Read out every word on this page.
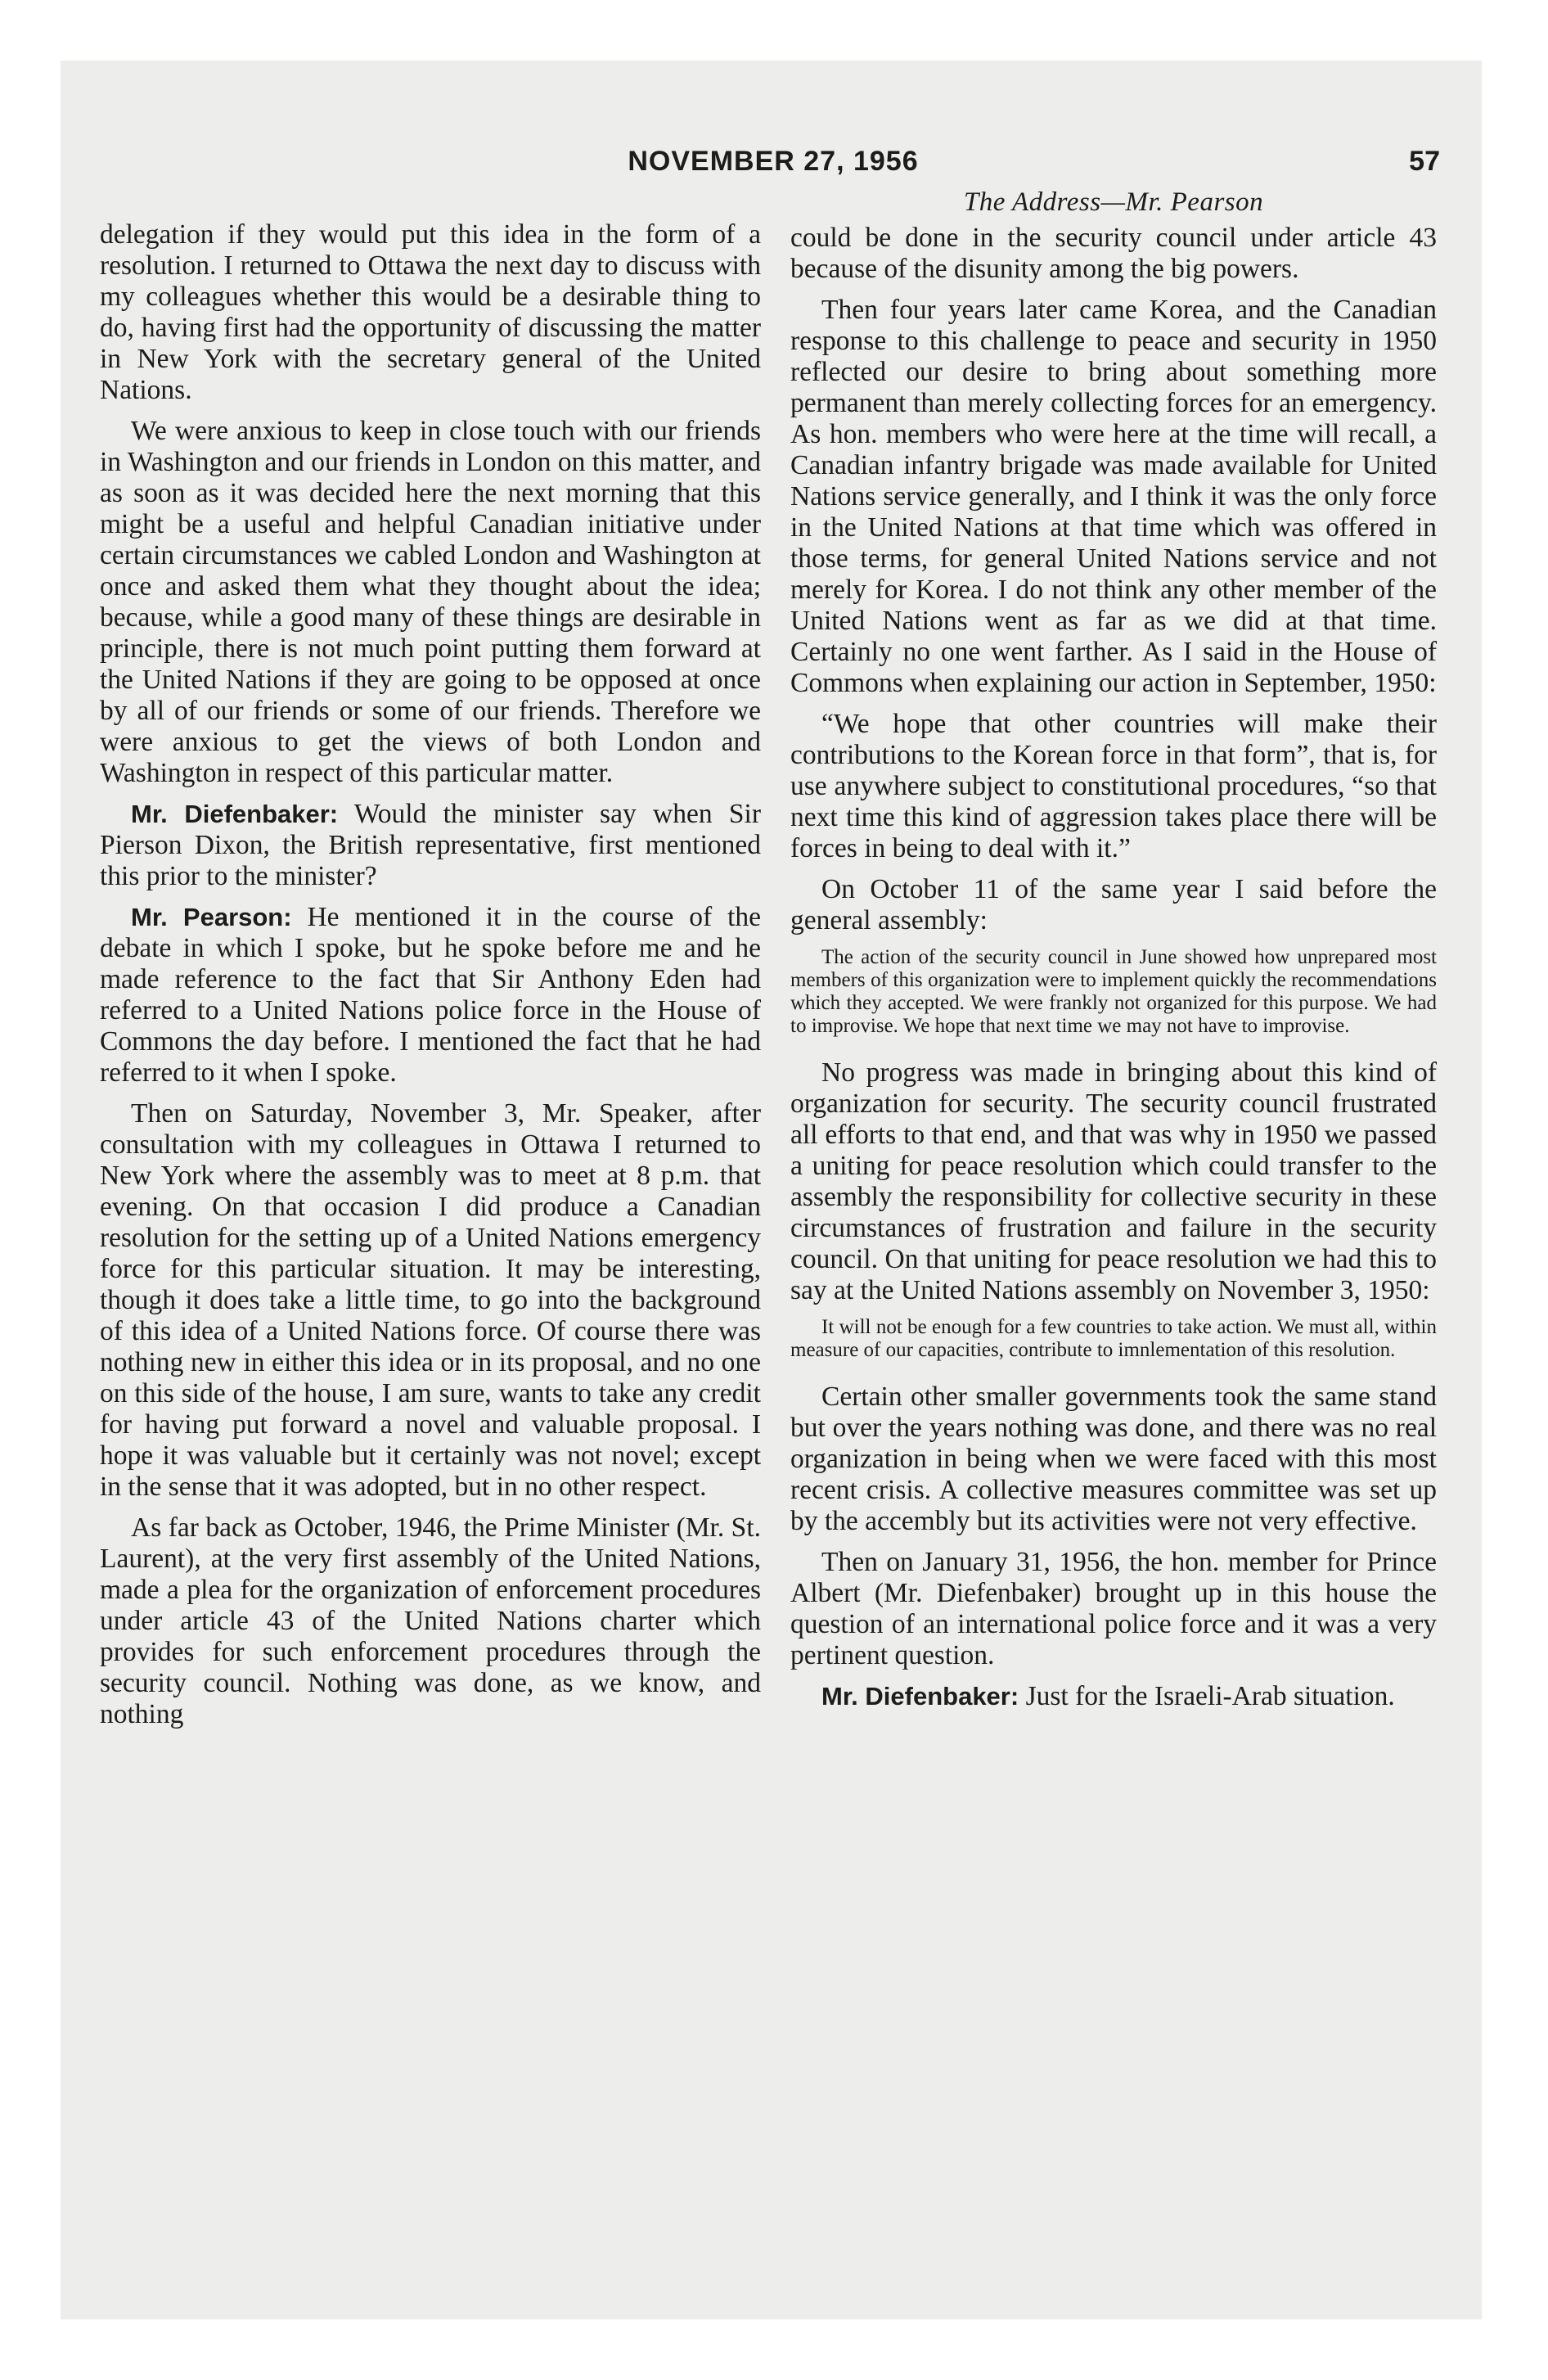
NOVEMBER 27, 1956	57

delegation if they would put this idea in the form of a resolution. I returned to Ottawa the next day to discuss with my colleagues whether this would be a desirable thing to do, having first had the opportunity of discussing the matter in New York with the secretary general of the United Nations.

We were anxious to keep in close touch with our friends in Washington and our friends in London on this matter, and as soon as it was decided here the next morning that this might be a useful and helpful Canadian initiative under certain circumstances we cabled London and Washington at once and asked them what they thought about the idea; because, while a good many of these things are desirable in principle, there is not much point putting them forward at the United Nations if they are going to be opposed at once by all of our friends or some of our friends. Therefore we were anxious to get the views of both London and Washington in respect of this particular matter.

Mr. Diefenbaker: Would the minister say when Sir Pierson Dixon, the British representative, first mentioned this prior to the minister?

Mr. Pearson: He mentioned it in the course of the debate in which I spoke, but he spoke before me and he made reference to the fact that Sir Anthony Eden had referred to a United Nations police force in the House of Commons the day before. I mentioned the fact that he had referred to it when I spoke.

Then on Saturday, November 3, Mr. Speaker, after consultation with my colleagues in Ottawa I returned to New York where the assembly was to meet at 8 p.m. that evening. On that occasion I did produce a Canadian resolution for the setting up of a United Nations emergency force for this particular situation. It may be interesting, though it does take a little time, to go into the background of this idea of a United Nations force. Of course there was nothing new in either this idea or in its proposal, and no one on this side of the house, I am sure, wants to take any credit for having put forward a novel and valuable proposal. I hope it was valuable but it certainly was not novel; except in the sense that it was adopted, but in no other respect.

As far back as October, 1946, the Prime Minister (Mr. St. Laurent), at the very first assembly of the United Nations, made a plea for the organization of enforcement procedures under article 43 of the United Nations charter which provides for such enforcement procedures through the security council. Nothing was done, as we know, and nothing

The Address—Mr. Pearson

could be done in the security council under article 43 because of the disunity among the big powers.

Then four years later came Korea, and the Canadian response to this challenge to peace and security in 1950 reflected our desire to bring about something more permanent than merely collecting forces for an emergency. As hon. members who were here at the time will recall, a Canadian infantry brigade was made available for United Nations service generally, and I think it was the only force in the United Nations at that time which was offered in those terms, for general United Nations service and not merely for Korea. I do not think any other member of the United Nations went as far as we did at that time. Certainly no one went farther. As I said in the House of Commons when explaining our action in September, 1950:

“We hope that other countries will make their contributions to the Korean force in that form”, that is, for use anywhere subject to constitutional procedures, “so that next time this kind of aggression takes place there will be forces in being to deal with it.”

On October 11 of the same year I said before the general assembly:

The action of the security council in June showed how unprepared most members of this organization were to implement quickly the recommendations which they accepted. We were frankly not organized for this purpose. We had to improvise. We hope that next time we may not have to improvise.

No progress was made in bringing about this kind of organization for security. The security council frustrated all efforts to that end, and that was why in 1950 we passed a uniting for peace resolution which could transfer to the assembly the responsibility for collective security in these circumstances of frustration and failure in the security council. On that uniting for peace resolution we had this to say at the United Nations assembly on November 3, 1950:

It will not be enough for a few countries to take action. We must all, within measure of our capacities, contribute to imnlementation of this resolution.

Certain other smaller governments took the same stand but over the years nothing was done, and there was no real organization in being when we were faced with this most recent crisis. A collective measures committee was set up by the accembly but its activities were not very effective.

Then on January 31, 1956, the hon. member for Prince Albert (Mr. Diefenbaker) brought up in this house the question of an international police force and it was a very pertinent question.

Mr. Diefenbaker: Just for the Israeli-Arab situation.
